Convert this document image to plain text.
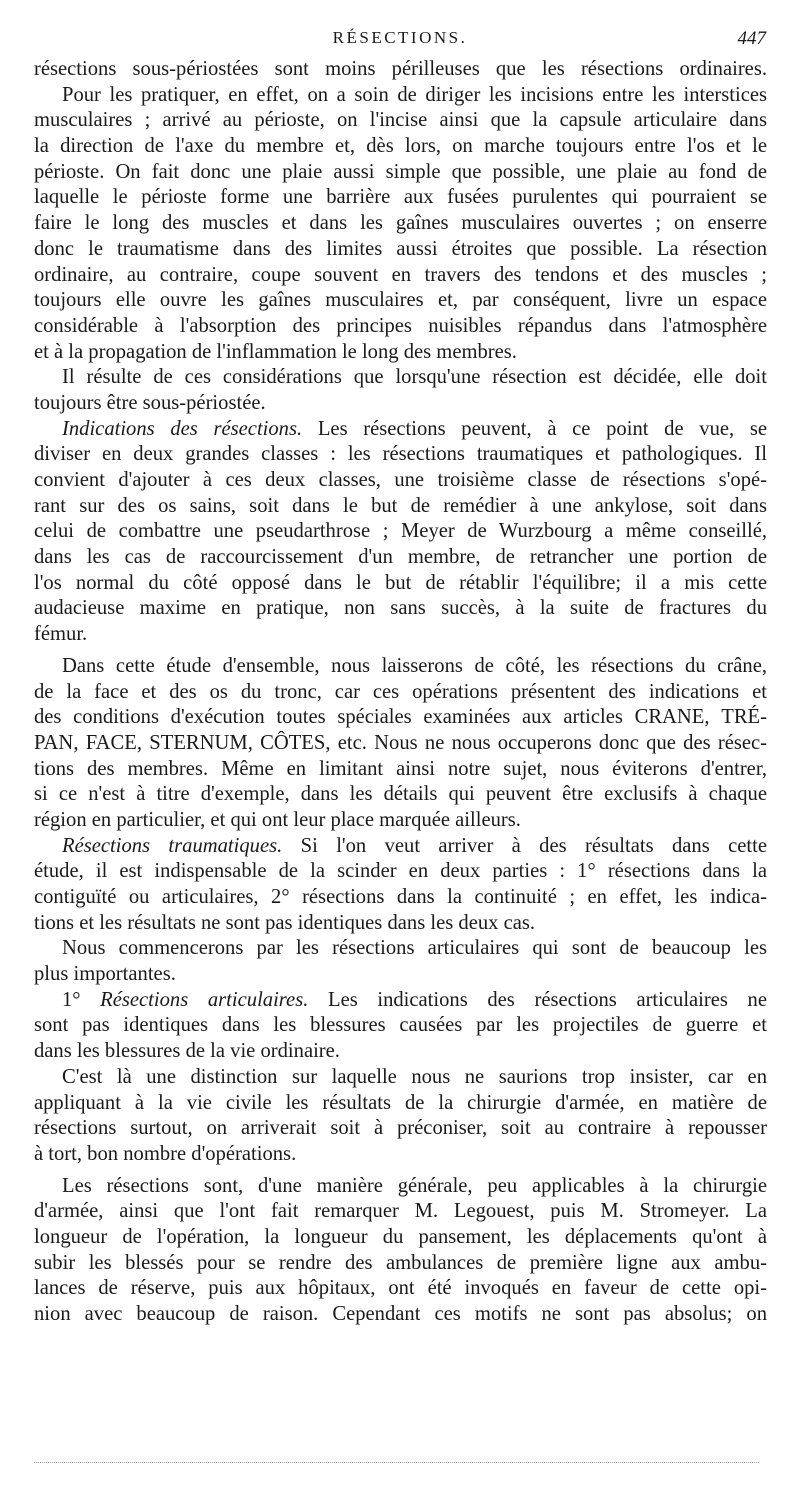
RÉSECTIONS.	447
résections sous-périostées sont moins périlleuses que les résections ordinaires.
Pour les pratiquer, en effet, on a soin de diriger les incisions entre les interstices
musculaires ; arrivé au périoste, on l'incise ainsi que la capsule articulaire dans
la direction de l'axe du membre et, dès lors, on marche toujours entre l'os et le
périoste. On fait donc une plaie aussi simple que possible, une plaie au fond de
laquelle le périoste forme une barrière aux fusées purulentes qui pourraient se
faire le long des muscles et dans les gaînes musculaires ouvertes ; on enserre
donc le traumatisme dans des limites aussi étroites que possible. La résection
ordinaire, au contraire, coupe souvent en travers des tendons et des muscles ;
toujours elle ouvre les gaînes musculaires et, par conséquent, livre un espace
considérable à l'absorption des principes nuisibles répandus dans l'atmosphère
et à la propagation de l'inflammation le long des membres.
Il résulte de ces considérations que lorsqu'une résection est décidée, elle doit
toujours être sous-périostée.
Indications des résections. Les résections peuvent, à ce point de vue, se
diviser en deux grandes classes : les résections traumatiques et pathologiques. Il
convient d'ajouter à ces deux classes, une troisième classe de résections s'opé-
rant sur des os sains, soit dans le but de remédier à une ankylose, soit dans
celui de combattre une pseudarthrose ; Meyer de Wurzbourg a même conseillé,
dans les cas de raccourcissement d'un membre, de retrancher une portion de
l'os normal du côté opposé dans le but de rétablir l'équilibre; il a mis cette
audacieuse maxime en pratique, non sans succès, à la suite de fractures du
fémur.
Dans cette étude d'ensemble, nous laisserons de côté, les résections du crâne,
de la face et des os du tronc, car ces opérations présentent des indications et
des conditions d'exécution toutes spéciales examinées aux articles CRANE, TRÉ-
PAN, FACE, STERNUM, CÔTES, etc. Nous ne nous occuperons donc que des résec-
tions des membres. Même en limitant ainsi notre sujet, nous éviterons d'entrer,
si ce n'est à titre d'exemple, dans les détails qui peuvent être exclusifs à chaque
région en particulier, et qui ont leur place marquée ailleurs.
Résections traumatiques. Si l'on veut arriver à des résultats dans cette
étude, il est indispensable de la scinder en deux parties : 1° résections dans la
contiguïté ou articulaires, 2° résections dans la continuité ; en effet, les indica-
tions et les résultats ne sont pas identiques dans les deux cas.
Nous commencerons par les résections articulaires qui sont de beaucoup les
plus importantes.
1° Résections articulaires. Les indications des résections articulaires ne
sont pas identiques dans les blessures causées par les projectiles de guerre et
dans les blessures de la vie ordinaire.
C'est là une distinction sur laquelle nous ne saurions trop insister, car en
appliquant à la vie civile les résultats de la chirurgie d'armée, en matière de
résections surtout, on arriverait soit à préconiser, soit au contraire à repousser
à tort, bon nombre d'opérations.
Les résections sont, d'une manière générale, peu applicables à la chirurgie
d'armée, ainsi que l'ont fait remarquer M. Legouest, puis M. Stromeyer. La
longueur de l'opération, la longueur du pansement, les déplacements qu'ont à
subir les blessés pour se rendre des ambulances de première ligne aux ambu-
lances de réserve, puis aux hôpitaux, ont été invoqués en faveur de cette opi-
nion avec beaucoup de raison. Cependant ces motifs ne sont pas absolus; on
